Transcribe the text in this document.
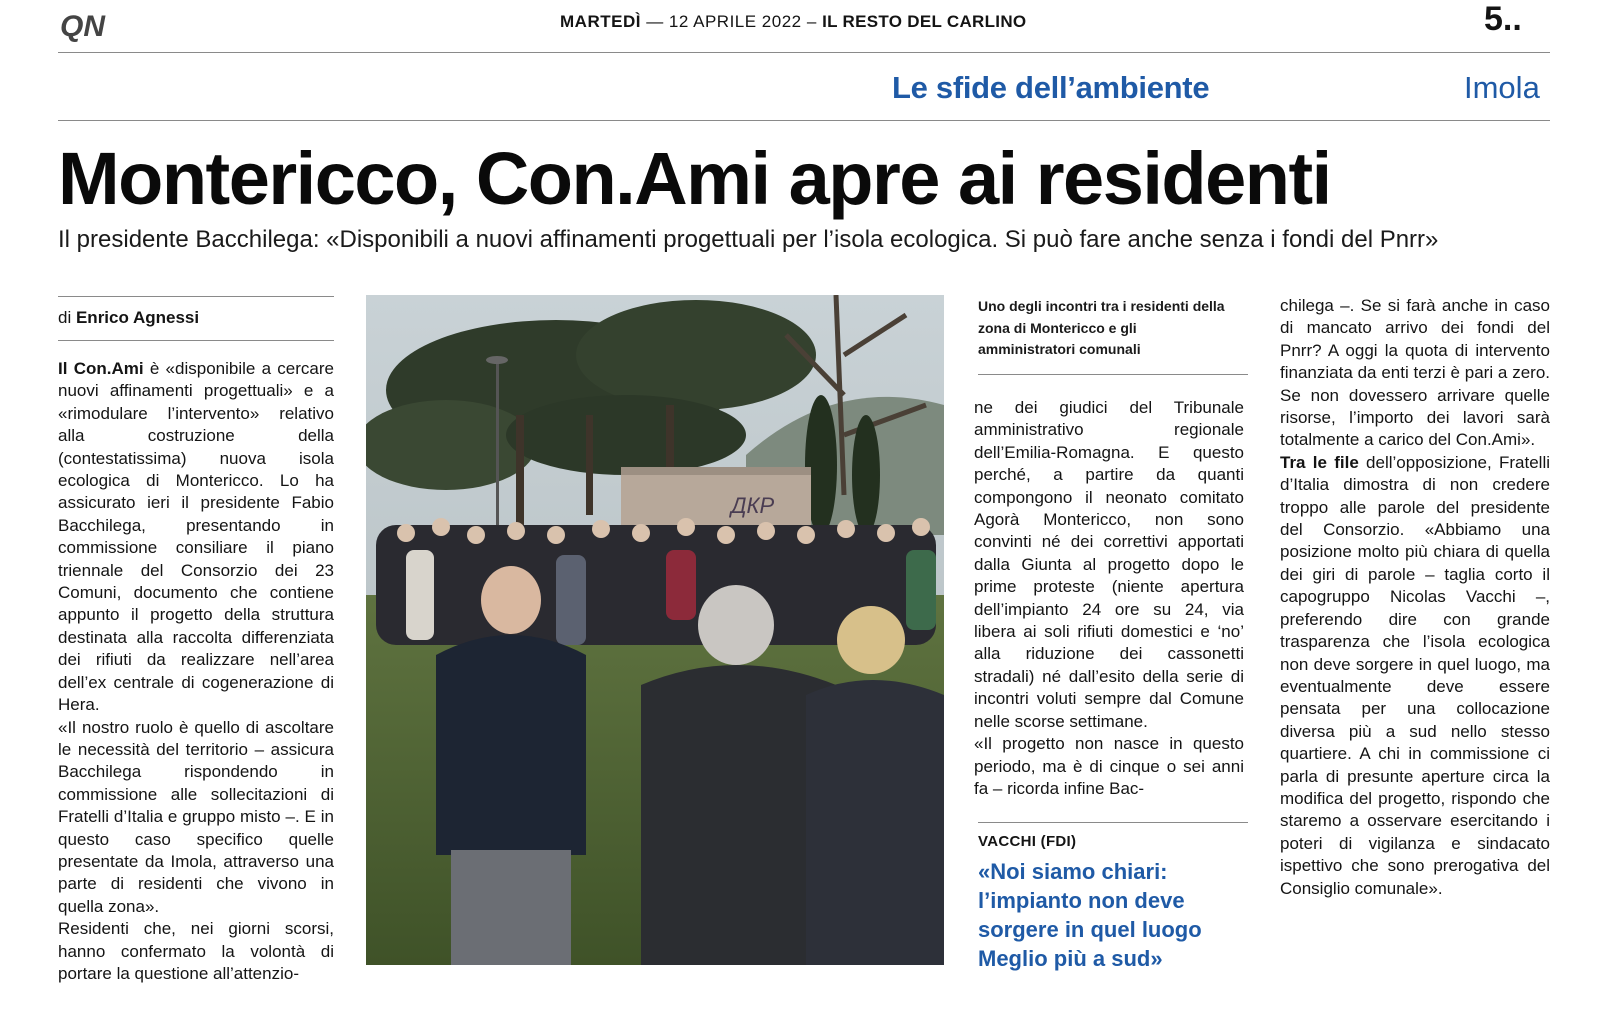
QN	MARTEDÌ — 12 APRILE 2022 – IL RESTO DEL CARLINO	5..
Le sfide dell’ambiente	Imola
Montericco, Con.Ami apre ai residenti
Il presidente Bacchilega: «Disponibili a nuovi affinamenti progettuali per l’isola ecologica. Si può fare anche senza i fondi del Pnrr»
di Enrico Agnessi

Il Con.Ami è «disponibile a cercare nuovi affinamenti progettuali» e a «rimodulare l’intervento» relativo alla costruzione della (contestatissima) nuova isola ecologica di Montericco. Lo ha assicurato ieri il presidente Fabio Bacchilega, presentando in commissione consiliare il piano triennale del Consorzio dei 23 Comuni, documento che contiene appunto il progetto della struttura destinata alla raccolta differenziata dei rifiuti da realizzare nell’area dell’ex centrale di cogenerazione di Hera.

«Il nostro ruolo è quello di ascoltare le necessità del territorio – assicura Bacchilega rispondendo in commissione alle sollecitazioni di Fratelli d’Italia e gruppo misto –. E in questo caso specifico quelle presentate da Imola, attraverso una parte di residenti che vivono in quella zona».

Residenti che, nei giorni scorsi, hanno confermato la volontà di portare la questione all’attenzio-

ДКР
Uno degli incontri tra i residenti della zona di Montericco e gli amministratori comunali

ne dei giudici del Tribunale amministrativo regionale dell’Emilia-Romagna. E questo perché, a partire da quanti compongono il neonato comitato Agorà Montericco, non sono convinti né dei correttivi apportati dalla Giunta al progetto dopo le prime proteste (niente apertura dell’impianto 24 ore su 24, via libera ai soli rifiuti domestici e ‘no’ alla riduzione dei cassonetti stradali) né dall’esito della serie di incontri voluti sempre dal Comune nelle scorse settimane.

«Il progetto non nasce in questo periodo, ma è di cinque o sei anni fa – ricorda infine Bac-

VACCHI (FDI)
«Noi siamo chiari: l’impianto non deve sorgere in quel luogo Meglio più a sud»

chilega –. Se si farà anche in caso di mancato arrivo dei fondi del Pnrr? A oggi la quota di intervento finanziata da enti terzi è pari a zero. Se non dovessero arrivare quelle risorse, l’importo dei lavori sarà totalmente a carico del Con.Ami».

Tra le file dell’opposizione, Fratelli d’Italia dimostra di non credere troppo alle parole del presidente del Consorzio. «Abbiamo una posizione molto più chiara di quella dei giri di parole – taglia corto il capogruppo Nicolas Vacchi –, preferendo dire con grande trasparenza che l’isola ecologica non deve sorgere in quel luogo, ma eventualmente deve essere pensata per una collocazione diversa più a sud nello stesso quartiere. A chi in commissione ci parla di presunte aperture circa la modifica del progetto, rispondo che staremo a osservare esercitando i poteri di vigilanza e sindacato ispettivo che sono prerogativa del Consiglio comunale».
